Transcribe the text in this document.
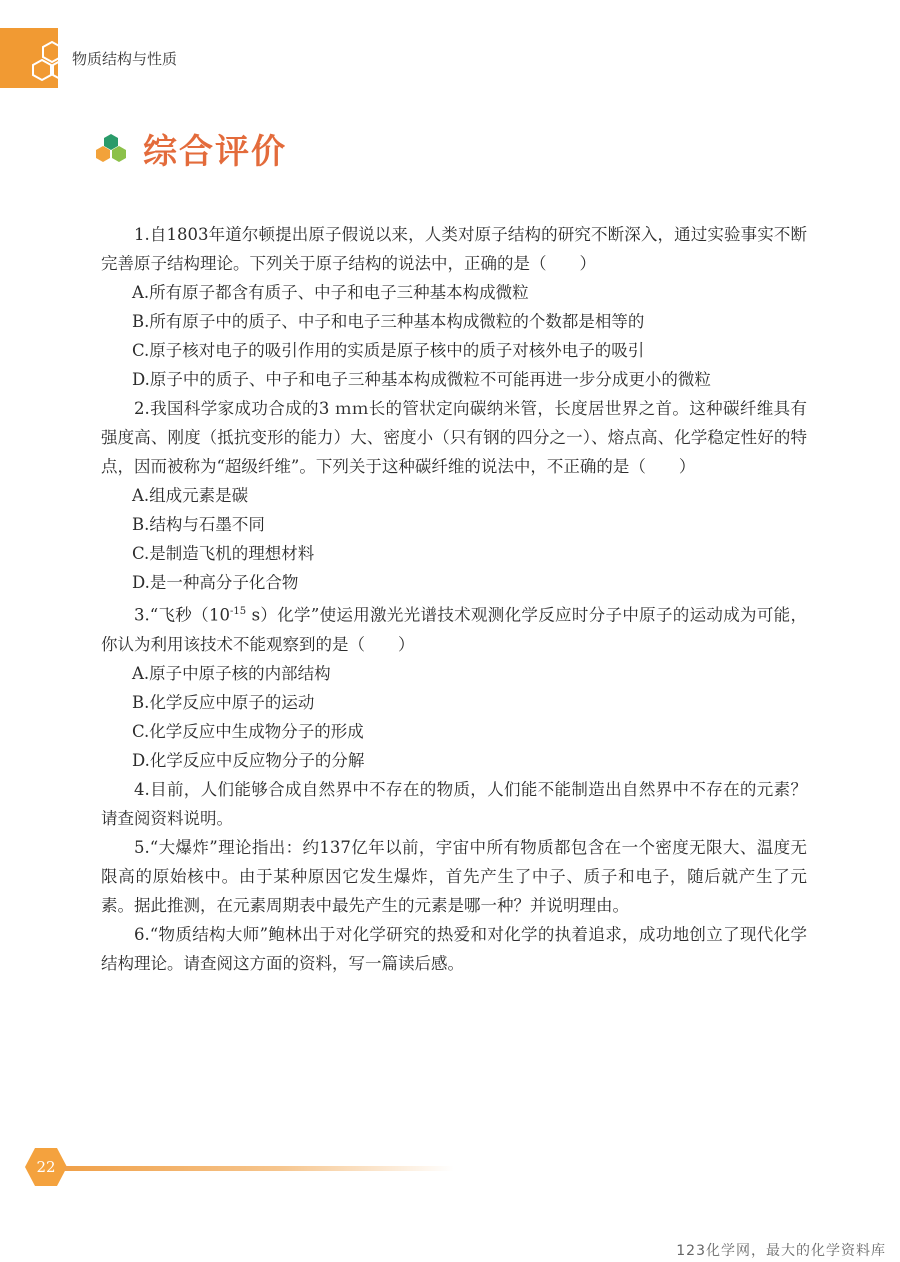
物质结构与性质
综合评价

1.自1803年道尔顿提出原子假说以来，人类对原子结构的研究不断深入，通过实验事实不断完善原子结构理论。下列关于原子结构的说法中，正确的是（　　）

A.所有原子都含有质子、中子和电子三种基本构成微粒

B.所有原子中的质子、中子和电子三种基本构成微粒的个数都是相等的

C.原子核对电子的吸引作用的实质是原子核中的质子对核外电子的吸引

D.原子中的质子、中子和电子三种基本构成微粒不可能再进一步分成更小的微粒

2.我国科学家成功合成的3 ｍｍ长的管状定向碳纳米管，长度居世界之首。这种碳纤维具有强度高、刚度（抵抗变形的能力）大、密度小（只有钢的四分之一）、熔点高、化学稳定性好的特点，因而被称为“超级纤维”。下列关于这种碳纤维的说法中，不正确的是（　　）

A.组成元素是碳

B.结构与石墨不同

C.是制造飞机的理想材料

D.是一种高分子化合物

3.“飞秒（$10^{-15}$ s）化学”使运用激光光谱技术观测化学反应时分子中原子的运动成为可能，你认为利用该技术不能观察到的是（　　）

A.原子中原子核的内部结构

B.化学反应中原子的运动

C.化学反应中生成物分子的形成

D.化学反应中反应物分子的分解

4.目前，人们能够合成自然界中不存在的物质，人们能不能制造出自然界中不存在的元素？请查阅资料说明。

5.“大爆炸”理论指出：约137亿年以前，宇宙中所有物质都包含在一个密度无限大、温度无限高的原始核中。由于某种原因它发生爆炸，首先产生了中子、质子和电子，随后就产生了元素。据此推测，在元素周期表中最先产生的元素是哪一种？并说明理由。

6.“物质结构大师”鲍林出于对化学研究的热爱和对化学的执着追求，成功地创立了现代化学结构理论。请查阅这方面的资料，写一篇读后感。

22
123化学网，最大的化学资料库
